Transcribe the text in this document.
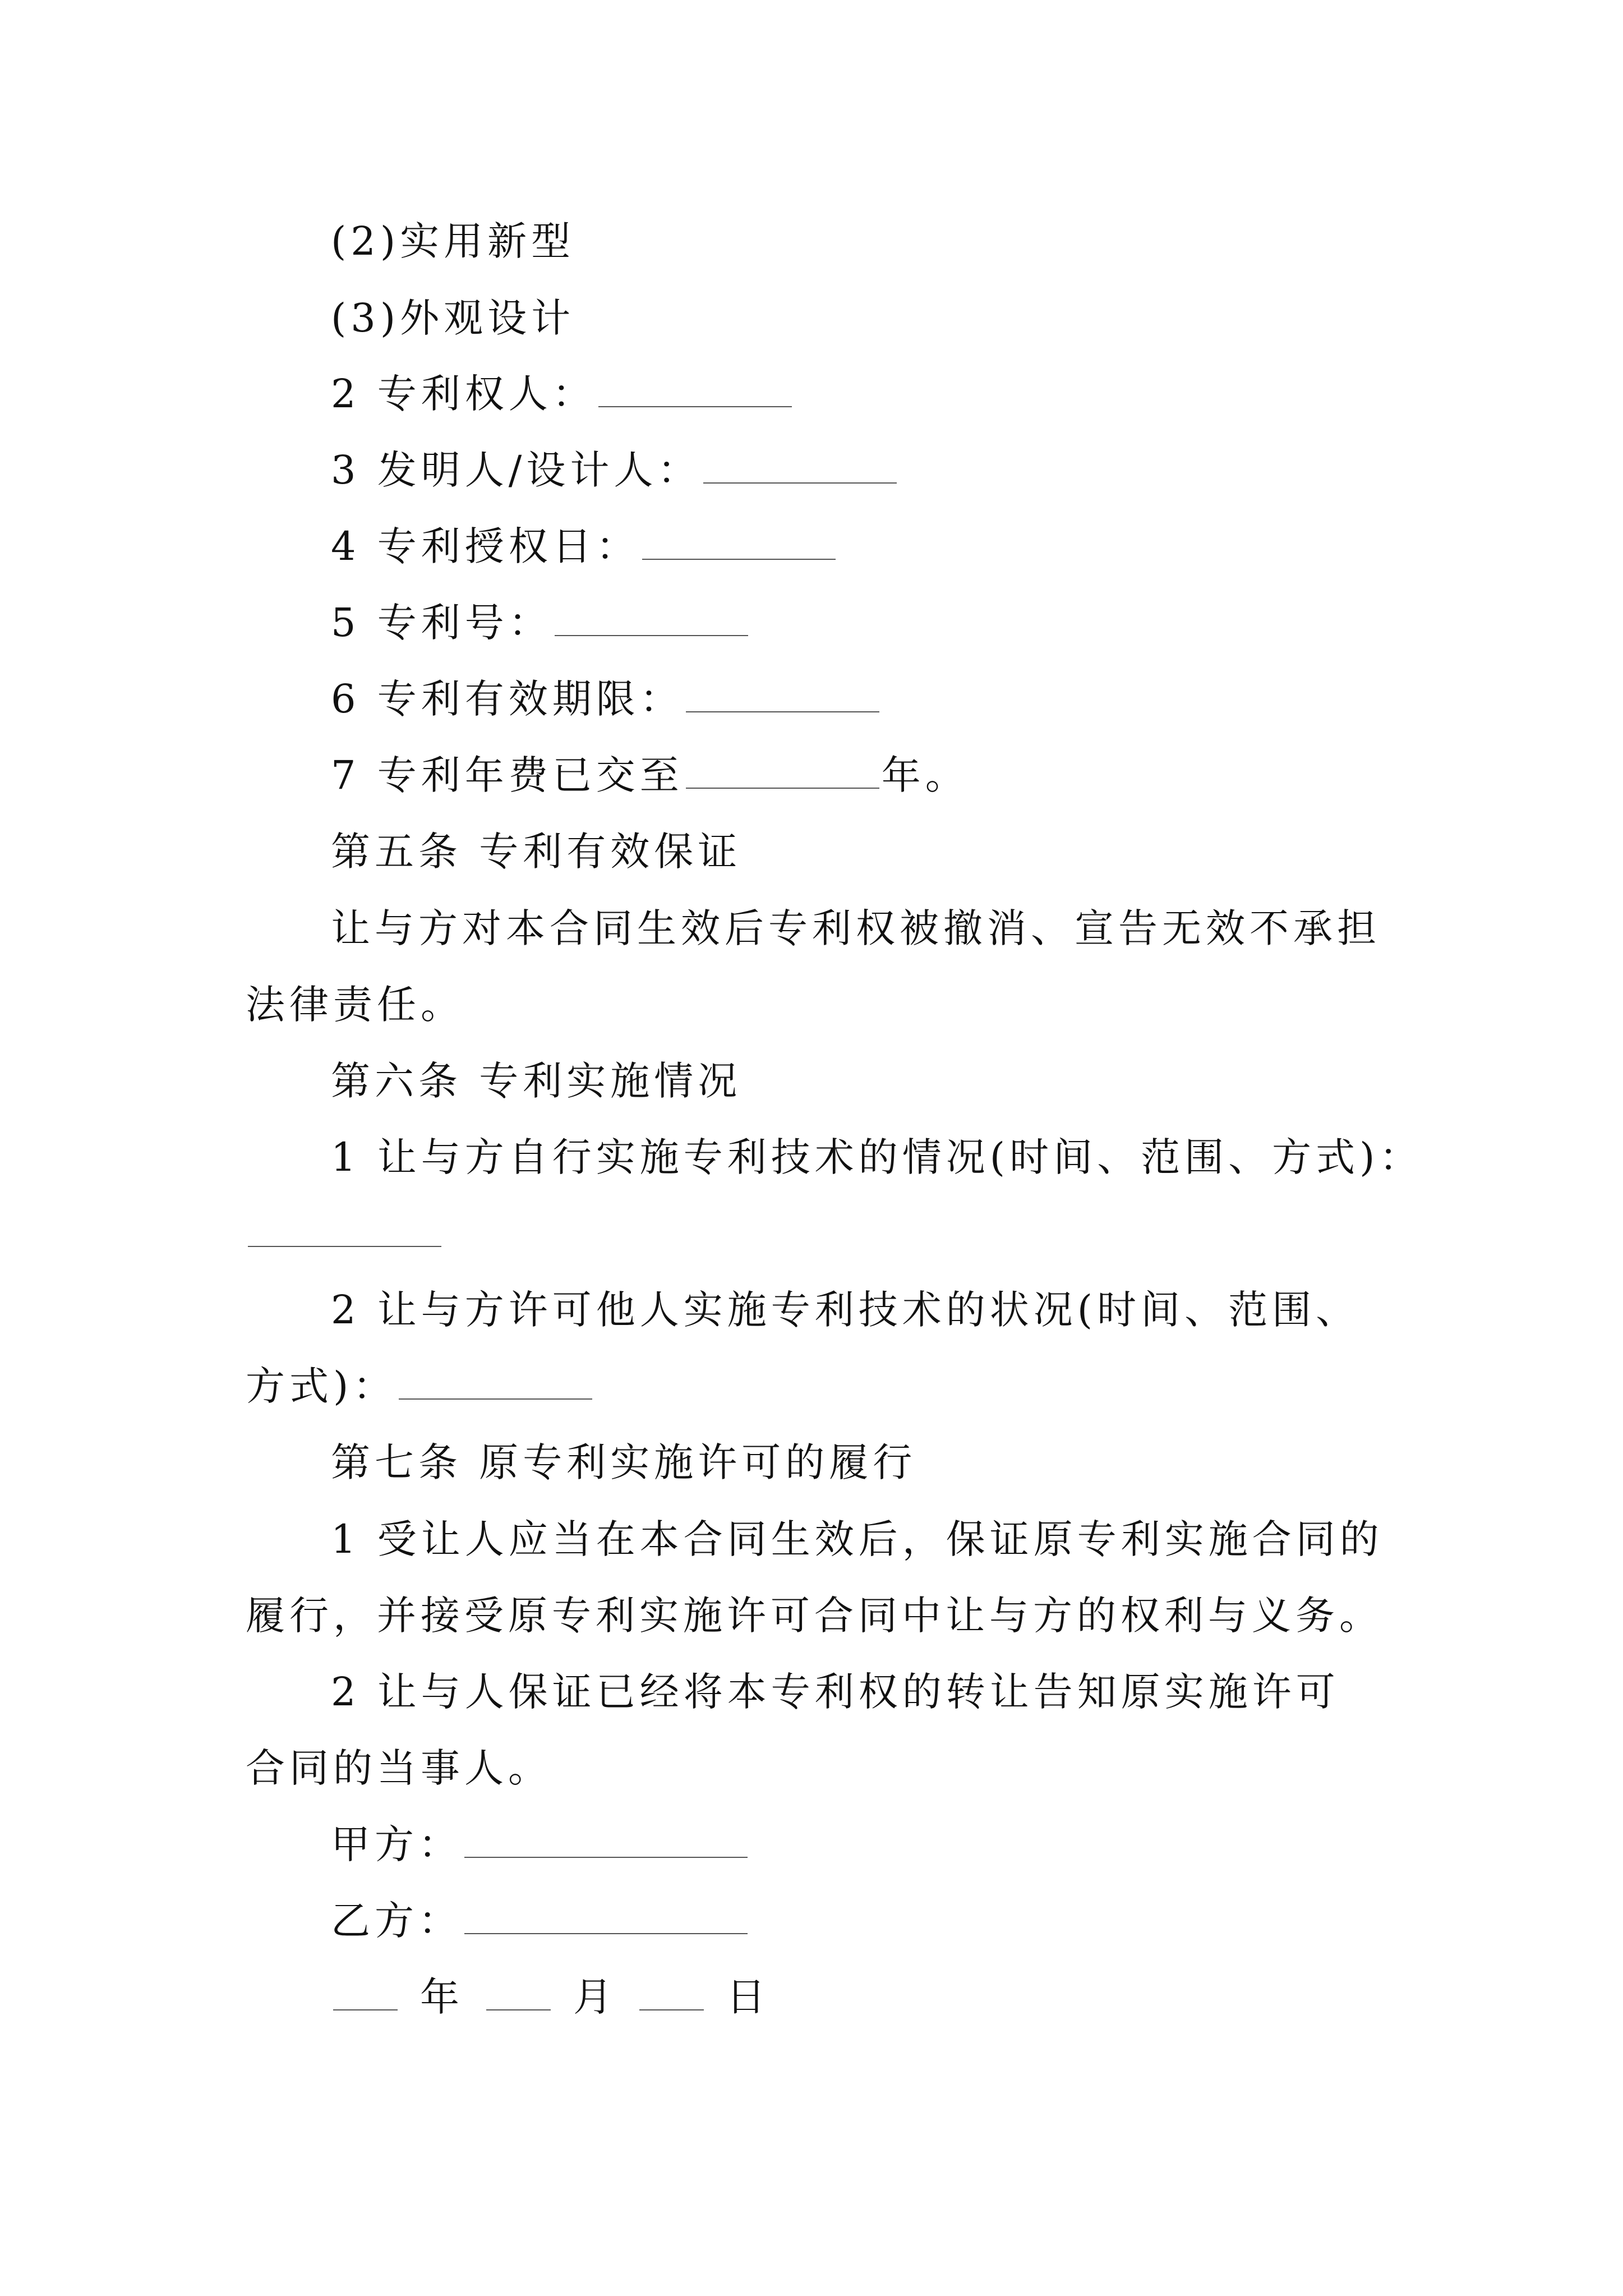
(2)实用新型
(3)外观设计
2 专利权人：
3 发明人/设计人：
4 专利授权日：
5 专利号：
6 专利有效期限：
7 专利年费已交至	年。
第五条 专利有效保证
让与方对本合同生效后专利权被撤消、宣告无效不承担
法律责任。
第六条 专利实施情况
1 让与方自行实施专利技术的情况(时间、范围、方式)：
2 让与方许可他人实施专利技术的状况(时间、范围、
方式)：
第七条 原专利实施许可的履行
1 受让人应当在本合同生效后，保证原专利实施合同的
履行，并接受原专利实施许可合同中让与方的权利与义务。
2 让与人保证已经将本专利权的转让告知原实施许可
合同的当事人。
甲方：
乙方：
年	月	日
